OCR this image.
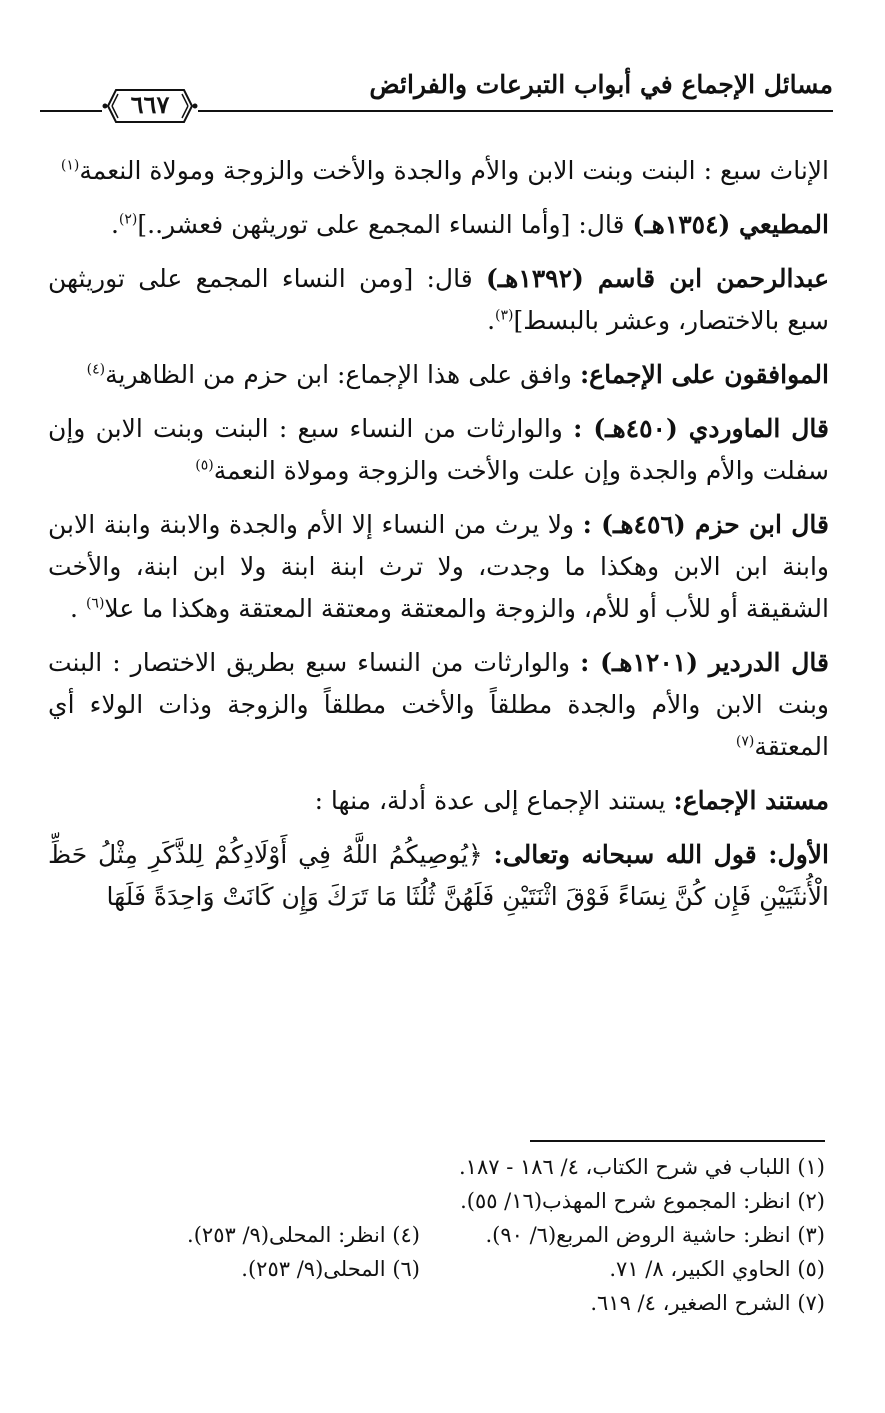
مسائل الإجماع في أبواب التبرعات والفرائض
٦٦٧

الإناث سبع : البنت وبنت الابن والأم والجدة والأخت والزوجة ومولاة النعمة$^{(١)}$

المطيعي (١٣٥٤هـ) قال: [وأما النساء المجمع على توريثهن فعشر..]$^{(٢)}$.

عبدالرحمن ابن قاسم (١٣٩٢هـ) قال: [ومن النساء المجمع على توريثهن سبع بالاختصار، وعشر بالبسط]$^{(٣)}$.

الموافقون على الإجماع: وافق على هذا الإجماع: ابن حزم من الظاهرية$^{(٤)}$

قال الماوردي (٤٥٠هـ) : والوارثات من النساء سبع : البنت وبنت الابن وإن سفلت والأم والجدة وإن علت والأخت والزوجة ومولاة النعمة$^{(٥)}$

قال ابن حزم (٤٥٦هـ) : ولا يرث من النساء إلا الأم والجدة والابنة وابنة الابن وابنة ابن الابن وهكذا ما وجدت، ولا ترث ابنة ابنة ولا ابن ابنة، والأخت الشقيقة أو للأب أو للأم، والزوجة والمعتقة ومعتقة المعتقة وهكذا ما علا$^{(٦)}$ .

قال الدردير (١٢٠١هـ) : والوارثات من النساء سبع بطريق الاختصار : البنت وبنت الابن والأم والجدة مطلقاً والأخت مطلقاً والزوجة وذات الولاء أي المعتقة$^{(٧)}$

مستند الإجماع: يستند الإجماع إلى عدة أدلة، منها :

الأول: قول الله سبحانه وتعالى: ﴿يُوصِيكُمُ اللَّهُ فِي أَوْلَادِكُمْ لِلذَّكَرِ مِثْلُ حَظِّ الْأُنثَيَيْنِ فَإِن كُنَّ نِسَاءً فَوْقَ اثْنَتَيْنِ فَلَهُنَّ ثُلُثَا مَا تَرَكَ وَإِن كَانَتْ وَاحِدَةً فَلَهَا

(١) اللباب في شرح الكتاب، ٤/ ١٨٦ - ١٨٧.
(٢) انظر: المجموع شرح المهذب(١٦/ ٥٥).
(٣) انظر: حاشية الروض المربع(٦/ ٩٠).
(٥) الحاوي الكبير، ٨/ ٧١.
(٧) الشرح الصغير، ٤/ ٦١٩.
(٤) انظر: المحلى(٩/ ٢٥٣).
(٦) المحلى(٩/ ٢٥٣).
